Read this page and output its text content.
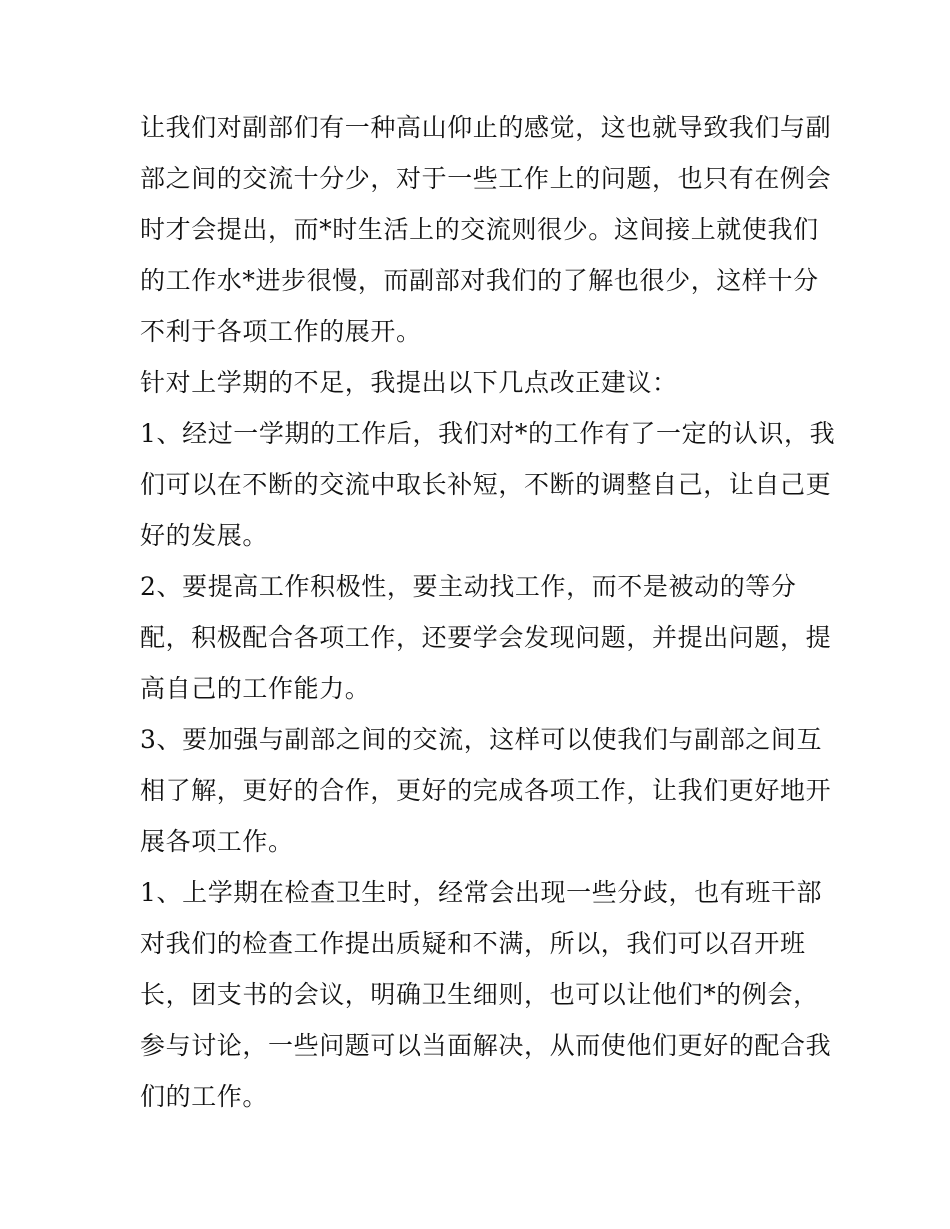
让我们对副部们有一种高山仰止的感觉，这也就导致我们与副
部之间的交流十分少，对于一些工作上的问题，也只有在例会
时才会提出，而*时生活上的交流则很少。这间接上就使我们
的工作水*进步很慢，而副部对我们的了解也很少，这样十分
不利于各项工作的展开。
针对上学期的不足，我提出以下几点改正建议：
1、经过一学期的工作后，我们对*的工作有了一定的认识，我
们可以在不断的交流中取长补短，不断的调整自己，让自己更
好的发展。
2、要提高工作积极性，要主动找工作，而不是被动的等分
配，积极配合各项工作，还要学会发现问题，并提出问题，提
高自己的工作能力。
3、要加强与副部之间的交流，这样可以使我们与副部之间互
相了解，更好的合作，更好的完成各项工作，让我们更好地开
展各项工作。
1、上学期在检查卫生时，经常会出现一些分歧，也有班干部
对我们的检查工作提出质疑和不满，所以，我们可以召开班
长，团支书的会议，明确卫生细则，也可以让他们*的例会，
参与讨论，一些问题可以当面解决，从而使他们更好的配合我
们的工作。
